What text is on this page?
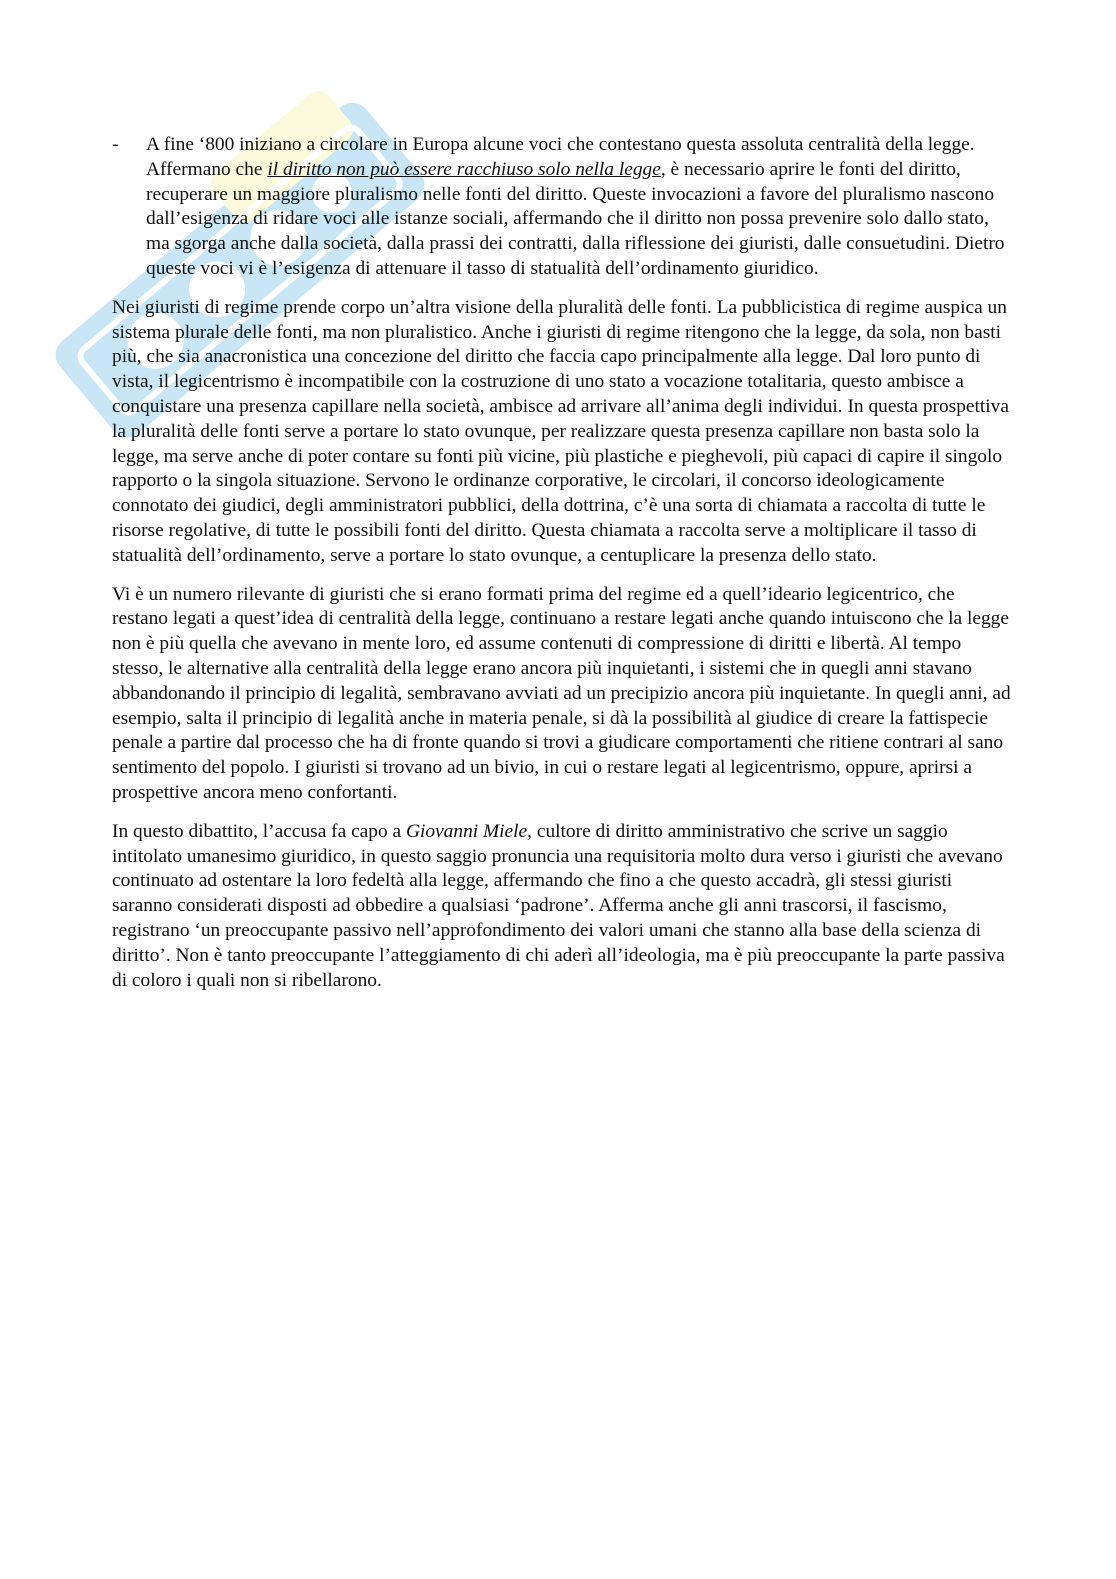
- A fine ‘800 iniziano a circolare in Europa alcune voci che contestano questa assoluta centralità della legge. Affermano che il diritto non può essere racchiuso solo nella legge, è necessario aprire le fonti del diritto, recuperare un maggiore pluralismo nelle fonti del diritto. Queste invocazioni a favore del pluralismo nascono dall’esigenza di ridare voci alle istanze sociali, affermando che il diritto non possa prevenire solo dallo stato, ma sgorga anche dalla società, dalla prassi dei contratti, dalla riflessione dei giuristi, dalle consuetudini. Dietro queste voci vi è l’esigenza di attenuare il tasso di statualità dell’ordinamento giuridico.

Nei giuristi di regime prende corpo un’altra visione della pluralità delle fonti. La pubblicistica di regime auspica un sistema plurale delle fonti, ma non pluralistico. Anche i giuristi di regime ritengono che la legge, da sola, non basti più, che sia anacronistica una concezione del diritto che faccia capo principalmente alla legge. Dal loro punto di vista, il legicentrismo è incompatibile con la costruzione di uno stato a vocazione totalitaria, questo ambisce a conquistare una presenza capillare nella società, ambisce ad arrivare all’anima degli individui. In questa prospettiva la pluralità delle fonti serve a portare lo stato ovunque, per realizzare questa presenza capillare non basta solo la legge, ma serve anche di poter contare su fonti più vicine, più plastiche e pieghevoli, più capaci di capire il singolo rapporto o la singola situazione. Servono le ordinanze corporative, le circolari, il concorso ideologicamente connotato dei giudici, degli amministratori pubblici, della dottrina, c’è una sorta di chiamata a raccolta di tutte le risorse regolative, di tutte le possibili fonti del diritto. Questa chiamata a raccolta serve a moltiplicare il tasso di statualità dell’ordinamento, serve a portare lo stato ovunque, a centuplicare la presenza dello stato.

Vi è un numero rilevante di giuristi che si erano formati prima del regime ed a quell’ideario legicentrico, che restano legati a quest’idea di centralità della legge, continuano a restare legati anche quando intuiscono che la legge non è più quella che avevano in mente loro, ed assume contenuti di compressione di diritti e libertà. Al tempo stesso, le alternative alla centralità della legge erano ancora più inquietanti, i sistemi che in quegli anni stavano abbandonando il principio di legalità, sembravano avviati ad un precipizio ancora più inquietante. In quegli anni, ad esempio, salta il principio di legalità anche in materia penale, si dà la possibilità al giudice di creare la fattispecie penale a partire dal processo che ha di fronte quando si trovi a giudicare comportamenti che ritiene contrari al sano sentimento del popolo. I giuristi si trovano ad un bivio, in cui o restare legati al legicentrismo, oppure, aprirsi a prospettive ancora meno confortanti.

In questo dibattito, l’accusa fa capo a Giovanni Miele, cultore di diritto amministrativo che scrive un saggio intitolato umanesimo giuridico, in questo saggio pronuncia una requisitoria molto dura verso i giuristi che avevano continuato ad ostentare la loro fedeltà alla legge, affermando che fino a che questo accadrà, gli stessi giuristi saranno considerati disposti ad obbedire a qualsiasi ‘padrone’. Afferma anche gli anni trascorsi, il fascismo, registrano ‘un preoccupante passivo nell’approfondimento dei valori umani che stanno alla base della scienza di diritto’. Non è tanto preoccupante l’atteggiamento di chi aderì all’ideologia, ma è più preoccupante la parte passiva di coloro i quali non si ribellarono.
